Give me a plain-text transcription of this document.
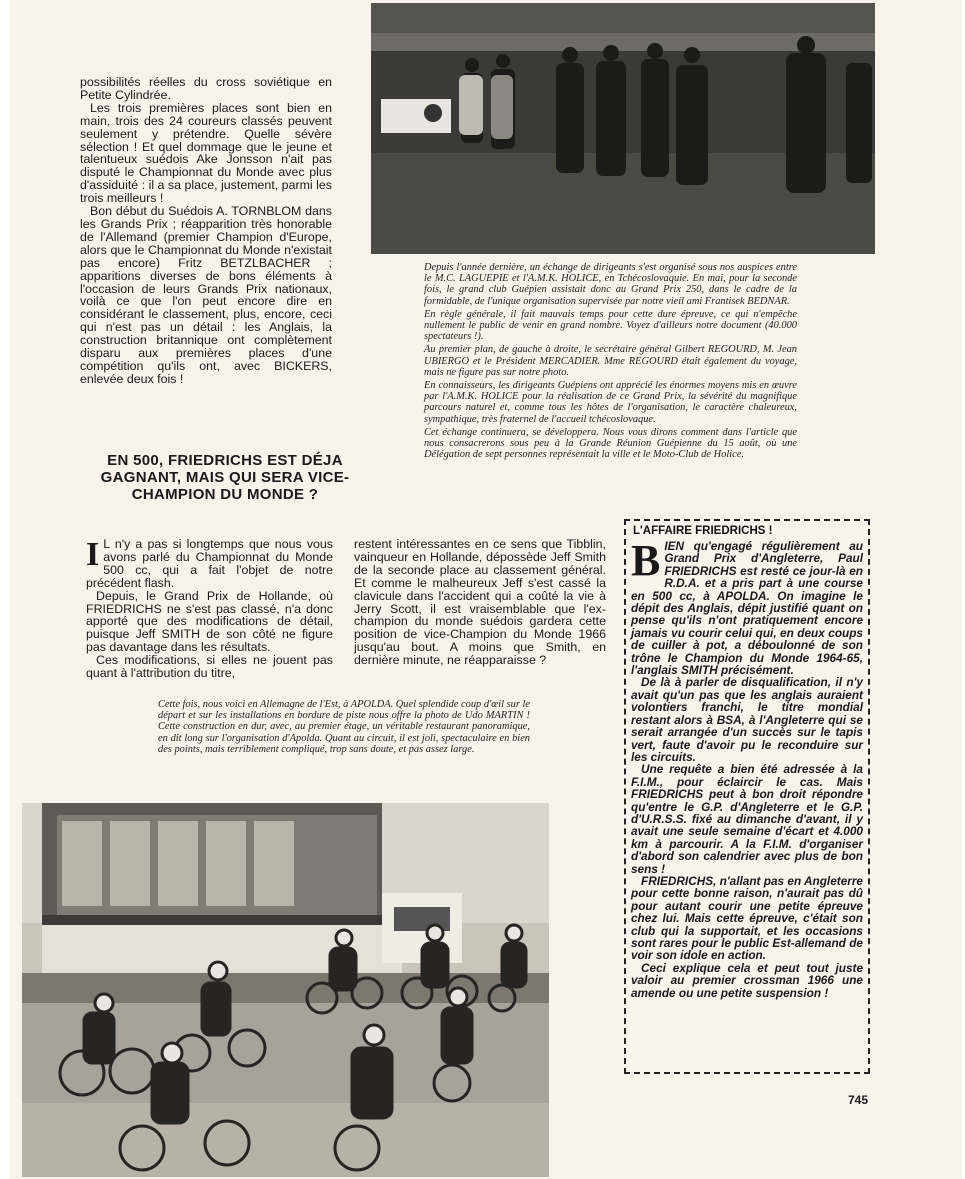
possibilités réelles du cross soviétique en Petite Cylindrée.

Les trois premières places sont bien en main, trois des 24 coureurs classés peuvent seulement y prétendre. Quelle sévère sélection ! Et quel dommage que le jeune et talentueux suédois Ake Jonsson n'ait pas disputé le Championnat du Monde avec plus d'assiduité : il a sa place, justement, parmi les trois meilleurs !

Bon début du Suédois A. TORNBLOM dans les Grands Prix ; réapparition très honorable de l'Allemand (premier Champion d'Europe, alors que le Championnat du Monde n'existait pas encore) Fritz BETZLBACHER ; apparitions diverses de bons éléments à l'occasion de leurs Grands Prix nationaux, voilà ce que l'on peut encore dire en considérant le classement, plus, encore, ceci qui n'est pas un détail : les Anglais, la construction britannique ont complètement disparu aux premières places d'une compétition qu'ils ont, avec BICKERS, enlevée deux fois !

Depuis l'année dernière, un échange de dirigeants s'est organisé sous nos auspices entre le M.C. LAGUEPIE et l'A.M.K. HOLICE, en Tchécoslovaquie. En mai, pour la seconde fois, le grand club Guépien assistait donc au Grand Prix 250, dans le cadre de la formidable, de l'unique organisation supervisée par notre vieil ami Frantisek BEDNAR.

En règle générale, il fait mauvais temps pour cette dure épreuve, ce qui n'empêche nullement le public de venir en grand nombre. Voyez d'ailleurs notre document (40.000 spectateurs !).

Au premier plan, de gauche à droite, le secrétaire général Gilbert REGOURD, M. Jean UBIERGO et le Président MERCADIER. Mme REGOURD était également du voyage, mais ne figure pas sur notre photo.

En connaisseurs, les dirigeants Guépiens ont apprécié les énormes moyens mis en œuvre par l'A.M.K. HOLICE pour la réalisation de ce Grand Prix, la sévérité du magnifique parcours naturel et, comme tous les hôtes de l'organisation, le caractère chaleureux, sympathique, très fraternel de l'accueil tchécoslovaque.

Cet échange continuera, se développera. Nous vous dirons comment dans l'article que nous consacrerons sous peu à la Grande Réunion Guépienne du 15 août, où une Délégation de sept personnes représentait la ville et le Moto-Club de Holice.

EN 500, FRIEDRICHS EST DÉJA GAGNANT, MAIS QUI SERA VICE-CHAMPION DU MONDE ?

I L n'y a pas si longtemps que nous vous avons parlé du Championnat du Monde 500 cc, qui a fait l'objet de notre précédent flash.

Depuis, le Grand Prix de Hollande, où FRIEDRICHS ne s'est pas classé, n'a donc apporté que des modifications de détail, puisque Jeff SMITH de son côté ne figure pas davantage dans les résultats.

Ces modifications, si elles ne jouent pas quant à l'attribution du titre,

restent intéressantes en ce sens que Tibblin, vainqueur en Hollande, dépossède Jeff Smith de la seconde place au classement général. Et comme le malheureux Jeff s'est cassé la clavicule dans l'accident qui a coûté la vie à Jerry Scott, il est vraisemblable que l'ex-champion du monde suédois gardera cette position de vice-Champion du Monde 1966 jusqu'au bout. A moins que Smith, en dernière minute, ne réapparaisse ?

Cette fois, nous voici en Allemagne de l'Est, à APOLDA. Quel splendide coup d'œil sur le départ et sur les installations en bordure de piste nous offre la photo de Udo MARTIN ! Cette construction en dur, avec, au premier étage, un véritable restaurant panoramique, en dit long sur l'organisation d'Apolda. Quant au circuit, il est joli, spectaculaire en bien des points, mais terriblement compliqué, trop sans doute, et pas assez large.

L'AFFAIRE FRIEDRICHS !

BIEN qu'engagé régulièrement au Grand Prix d'Angleterre, Paul FRIEDRICHS est resté ce jour-là en R.D.A. et a pris part à une course en 500 cc, à APOLDA. On imagine le dépit des Anglais, dépit justifié quant on pense qu'ils n'ont pratiquement encore jamais vu courir celui qui, en deux coups de cuiller à pot, a déboulonné de son trône le Champion du Monde 1964-65, l'anglais SMITH précisément.

De là à parler de disqualification, il n'y avait qu'un pas que les anglais auraient volontiers franchi, le titre mondial restant alors à BSA, à l'Angleterre qui se serait arrangée d'un succès sur le tapis vert, faute d'avoir pu le reconduire sur les circuits.

Une requête a bien été adressée à la F.I.M., pour éclaircir le cas. Mais FRIEDRICHS peut à bon droit répondre qu'entre le G.P. d'Angleterre et le G.P. d'U.R.S.S. fixé au dimanche d'avant, il y avait une seule semaine d'écart et 4.000 km à parcourir. A la F.I.M. d'organiser d'abord son calendrier avec plus de bon sens !

FRIEDRICHS, n'allant pas en Angleterre pour cette bonne raison, n'aurait pas dû pour autant courir une petite épreuve chez lui. Mais cette épreuve, c'était son club qui la supportait, et les occasions sont rares pour le public Est-allemand de voir son idole en action.

Ceci explique cela et peut tout juste valoir au premier crossman 1966 une amende ou une petite suspension !

745
